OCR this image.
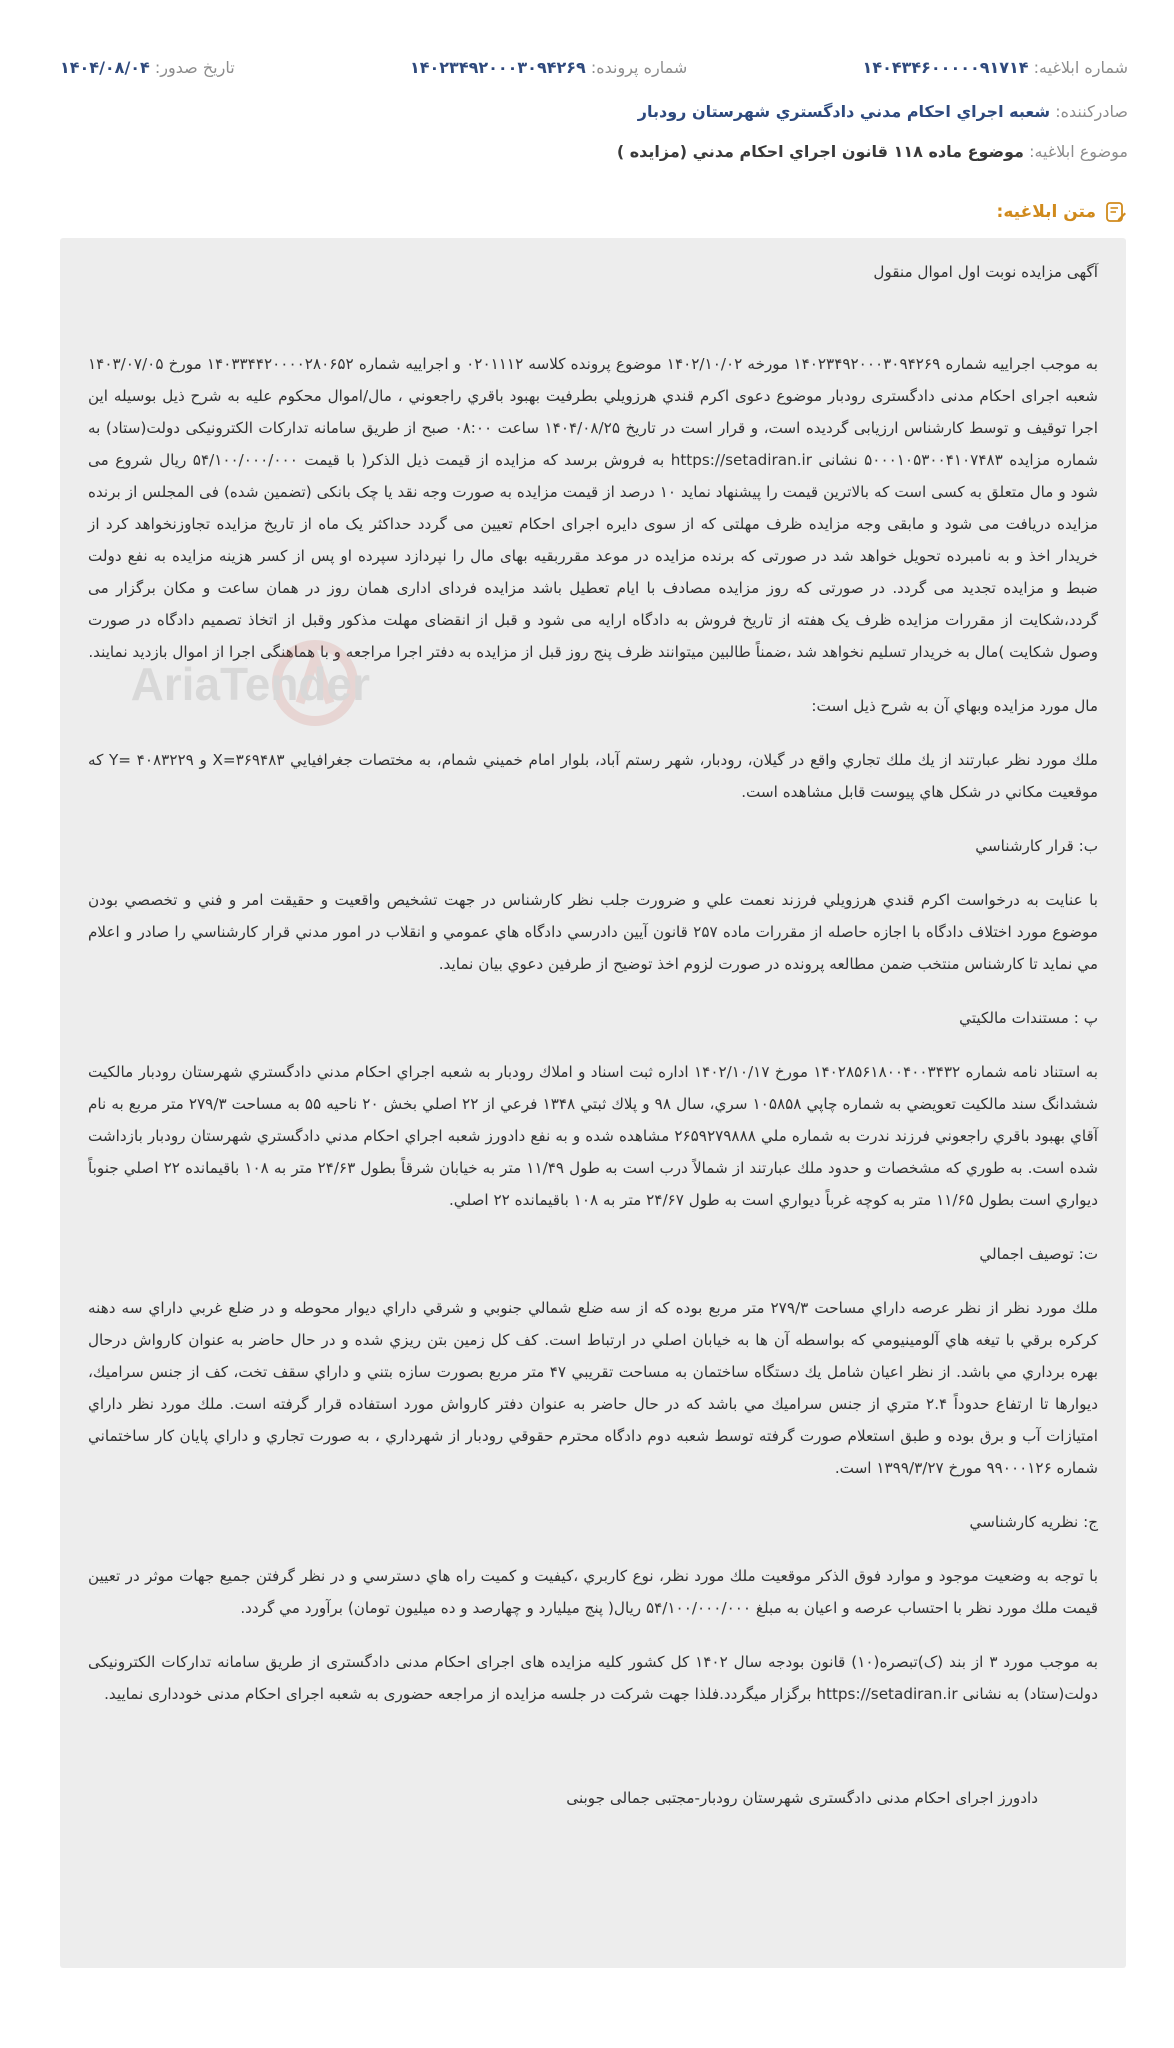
شماره ابلاغیه: ۱۴۰۴۳۴۶۰۰۰۰۰۹۱۷۱۴
شماره پرونده: ۱۴۰۲۳۴۹۲۰۰۰۳۰۹۴۲۶۹
تاریخ صدور: ۱۴۰۴/۰۸/۰۴
صادرکننده: شعبه اجراي احكام مدني دادگستري شهرستان رودبار
موضوع ابلاغیه: موضوع ماده ۱۱۸ قانون اجراي احكام مدني (مزايده )
متن ابلاغیه:
AriaTender

آگهی مزایده نوبت اول اموال منقول

به موجب اجراییه شماره ۱۴۰۲۳۴۹۲۰۰۰۳۰۹۴۲۶۹ مورخه ۱۴۰۲/۱۰/۰۲ موضوع پرونده کلاسه ۰۲۰۱۱۱۲ و اجراییه شماره ۱۴۰۳۳۴۴۲۰۰۰۰۲۸۰۶۵۲ مورخ ۱۴۰۳/۰۷/۰۵ شعبه اجرای احکام مدنی دادگستری رودبار موضوع دعوی اکرم قندي هرزويلي بطرفيت بهبود باقري راجعوني ، مال/اموال محکوم علیه به شرح ذیل بوسیله این اجرا توقیف و توسط کارشناس ارزیابی گردیده است، و قرار است در تاریخ ۱۴۰۴/۰۸/۲۵ ساعت ۰۸:۰۰ صبح از طریق سامانه تدارکات الکترونیکی دولت(ستاد) به شماره مزایده ۵۰۰۰۱۰۵۳۰۰۴۱۰۷۴۸۳ نشانی https://setadiran.ir به فروش برسد که مزایده از قیمت ذیل الذکر( با قیمت ۵۴/۱۰۰/۰۰۰/۰۰۰ ریال شروع می شود و مال متعلق به کسی است که بالاترین قیمت را پیشنهاد نماید ۱۰ درصد از قیمت مزایده به صورت وجه نقد یا چک بانکی (تضمین شده) فی المجلس از برنده مزایده دریافت می شود و مابقی وجه مزایده ظرف مهلتی که از سوی دایره اجرای احکام تعیین می گردد حداکثر یک ماه از تاریخ مزایده تجاوزنخواهد کرد از خریدار اخذ و به نامبرده تحویل خواهد شد در صورتی که برنده مزایده در موعد مقرربقیه بهای مال را نپردازد سپرده او پس از کسر هزینه مزایده به نفع دولت ضبط و مزایده تجدید می گردد. در صورتی که روز مزایده مصادف با ایام تعطیل باشد مزایده فردای اداری همان روز در همان ساعت و مکان برگزار می گردد،شکایت از مقررات مزایده ظرف یک هفته از تاریخ فروش به دادگاه ارایه می شود و قبل از انقضای مهلت مذکور وقبل از اتخاذ تصمیم دادگاه در صورت وصول شکایت )مال به خریدار تسلیم نخواهد شد ،ضمناً طالبین میتوانند ظرف پنج روز قبل از مزایده به دفتر اجرا مراجعه و با هماهنگی اجرا از اموال بازدید نمایند.

مال مورد مزايده وبهاي آن به شرح ذيل است:

ملك مورد نظر عبارتند از يك ملك تجاري واقع در گيلان، رودبار، شهر رستم آباد، بلوار امام خميني شمام، به مختصات جغرافيايي X=۳۶۹۴۸۳ و Y= ۴۰۸۳۲۲۹ كه موقعيت مكاني در شكل هاي پيوست قابل مشاهده است.

ب: قرار كارشناسي

با عنايت به درخواست اكرم قندي هرزويلي فرزند نعمت علي و ضرورت جلب نظر كارشناس در جهت تشخيص واقعيت و حقيقت امر و فني و تخصصي بودن موضوع مورد اختلاف دادگاه با اجازه حاصله از مقررات ماده ۲۵۷ قانون آيين دادرسي دادگاه هاي عمومي و انقلاب در امور مدني قرار كارشناسي را صادر و اعلام مي نمايد تا كارشناس منتخب ضمن مطالعه پرونده در صورت لزوم اخذ توضيح از طرفين دعوي بيان نمايد.

پ : مستندات مالكيتي

به استناد نامه شماره ۱۴۰۲۸۵۶۱۸۰۰۴۰۰۳۴۳۲ مورخ ۱۴۰۲/۱۰/۱۷ اداره ثبت اسناد و املاك رودبار به شعبه اجراي احكام مدني دادگستري شهرستان رودبار مالكيت ششدانگ سند مالكيت تعويضي به شماره چاپي ۱۰۵۸۵۸ سري، سال ۹۸ و پلاك ثبتي ۱۳۴۸ فرعي از ۲۲ اصلي بخش ۲۰ ناحيه ۵۵ به مساحت ۲۷۹/۳ متر مربع به نام آقاي بهبود باقري راجعوني فرزند ندرت به شماره ملي ۲۶۵۹۲۷۹۸۸۸ مشاهده شده و به نفع دادورز شعبه اجراي احكام مدني دادگستري شهرستان رودبار بازداشت شده است. به طوري كه مشخصات و حدود ملك عبارتند از شمالاً درب است به طول ۱۱/۴۹ متر به خيابان شرقاً بطول ۲۴/۶۳ متر به ۱۰۸ باقيمانده ۲۲ اصلي جنوباً ديواري است بطول ۱۱/۶۵ متر به كوچه غرباً ديواري است به طول ۲۴/۶۷ متر به ۱۰۸ باقيمانده ۲۲ اصلي.

ت: توصيف اجمالي

ملك مورد نظر از نظر عرصه داراي مساحت ۲۷۹/۳ متر مربع بوده كه از سه ضلع شمالي جنوبي و شرقي داراي ديوار محوطه و در ضلع غربي داراي سه دهنه كركره برقي با تيغه هاي آلومينيومي كه بواسطه آن ها به خيابان اصلي در ارتباط است. كف كل زمين بتن ريزي شده و در حال حاضر به عنوان كارواش درحال بهره برداري مي باشد. از نظر اعيان شامل يك دستگاه ساختمان به مساحت تقريبي ۴۷ متر مربع بصورت سازه بتني و داراي سقف تخت، كف از جنس سراميك، ديوارها تا ارتفاع حدوداً ۲.۴ متري از جنس سراميك مي باشد كه در حال حاضر به عنوان دفتر كارواش مورد استفاده قرار گرفته است. ملك مورد نظر داراي امتيازات آب و برق بوده و طبق استعلام صورت گرفته توسط شعبه دوم دادگاه محترم حقوقي رودبار از شهرداري ، به صورت تجاري و داراي پايان كار ساختماني شماره ۹۹۰۰۰۱۲۶ مورخ ۱۳۹۹/۳/۲۷ است.

ج: نظريه كارشناسي

با توجه به وضعيت موجود و موارد فوق الذكر موقعيت ملك مورد نظر، نوع كاربري ،كيفيت و كميت راه هاي دسترسي و در نظر گرفتن جميع جهات موثر در تعيين قيمت ملك مورد نظر با احتساب عرصه و اعيان به مبلغ ۵۴/۱۰۰/۰۰۰/۰۰۰ ريال( پنج ميليارد و چهارصد و ده ميليون تومان) برآورد مي گردد.

به موجب مورد ۳ از بند (ک)تبصره(۱۰) قانون بودجه سال ۱۴۰۲ کل کشور کلیه مزایده های اجرای احکام مدنی دادگستری از طریق سامانه تدارکات الکترونیکی دولت(ستاد) به نشانی https://setadiran.ir برگزار میگردد.فلذا جهت شرکت در جلسه مزایده از مراجعه حضوری به شعبه اجرای احکام مدنی خودداری نمایید.

دادورز اجرای احکام مدنی دادگستری شهرستان رودبار-مجتبی جمالی جوبنی
